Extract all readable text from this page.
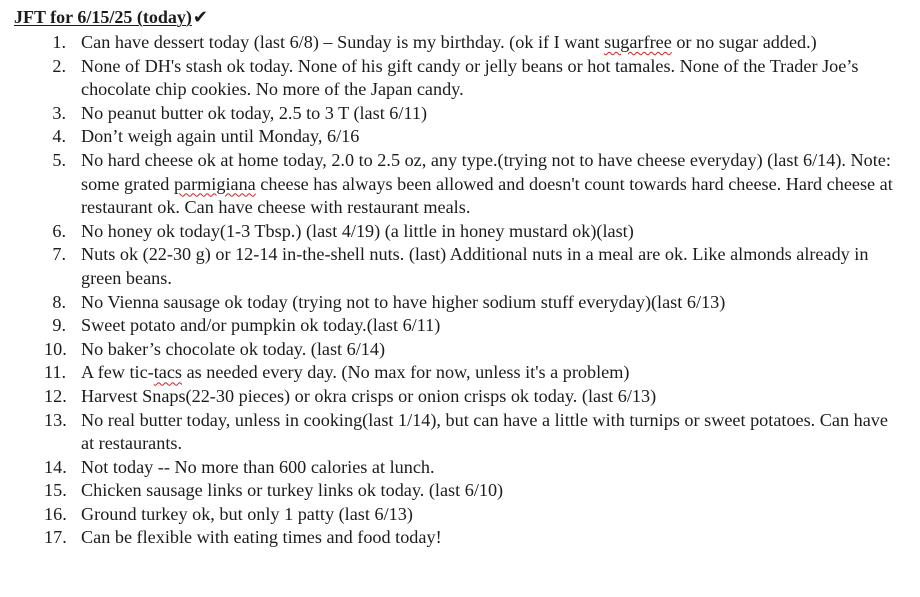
JFT for 6/15/25 (today)✔
1. Can have dessert today (last 6/8) – Sunday is my birthday. (ok if I want sugarfree or no sugar added.)
2. None of DH's stash ok today. None of his gift candy or jelly beans or hot tamales. None of the Trader Joe’s chocolate chip cookies. No more of the Japan candy.
3. No peanut butter ok today, 2.5 to 3 T (last 6/11)
4. Don’t weigh again until Monday, 6/16
5. No hard cheese ok at home today, 2.0 to 2.5 oz, any type.(trying not to have cheese everyday) (last 6/14). Note: some grated parmigiana cheese has always been allowed and doesn't count towards hard cheese. Hard cheese at restaurant ok. Can have cheese with restaurant meals.
6. No honey ok today(1-3 Tbsp.) (last 4/19) (a little in honey mustard ok)(last)
7. Nuts ok (22-30 g) or 12-14 in-the-shell nuts. (last) Additional nuts in a meal are ok. Like almonds already in green beans.
8. No Vienna sausage ok today (trying not to have higher sodium stuff everyday)(last 6/13)
9. Sweet potato and/or pumpkin ok today.(last 6/11)
10. No baker’s chocolate ok today. (last 6/14)
11. A few tic-tacs as needed every day. (No max for now, unless it's a problem)
12. Harvest Snaps(22-30 pieces) or okra crisps or onion crisps ok today. (last 6/13)
13. No real butter today, unless in cooking(last 1/14), but can have a little with turnips or sweet potatoes. Can have at restaurants.
14. Not today -- No more than 600 calories at lunch.
15. Chicken sausage links or turkey links ok today. (last 6/10)
16. Ground turkey ok, but only 1 patty (last 6/13)
17. Can be flexible with eating times and food today!
